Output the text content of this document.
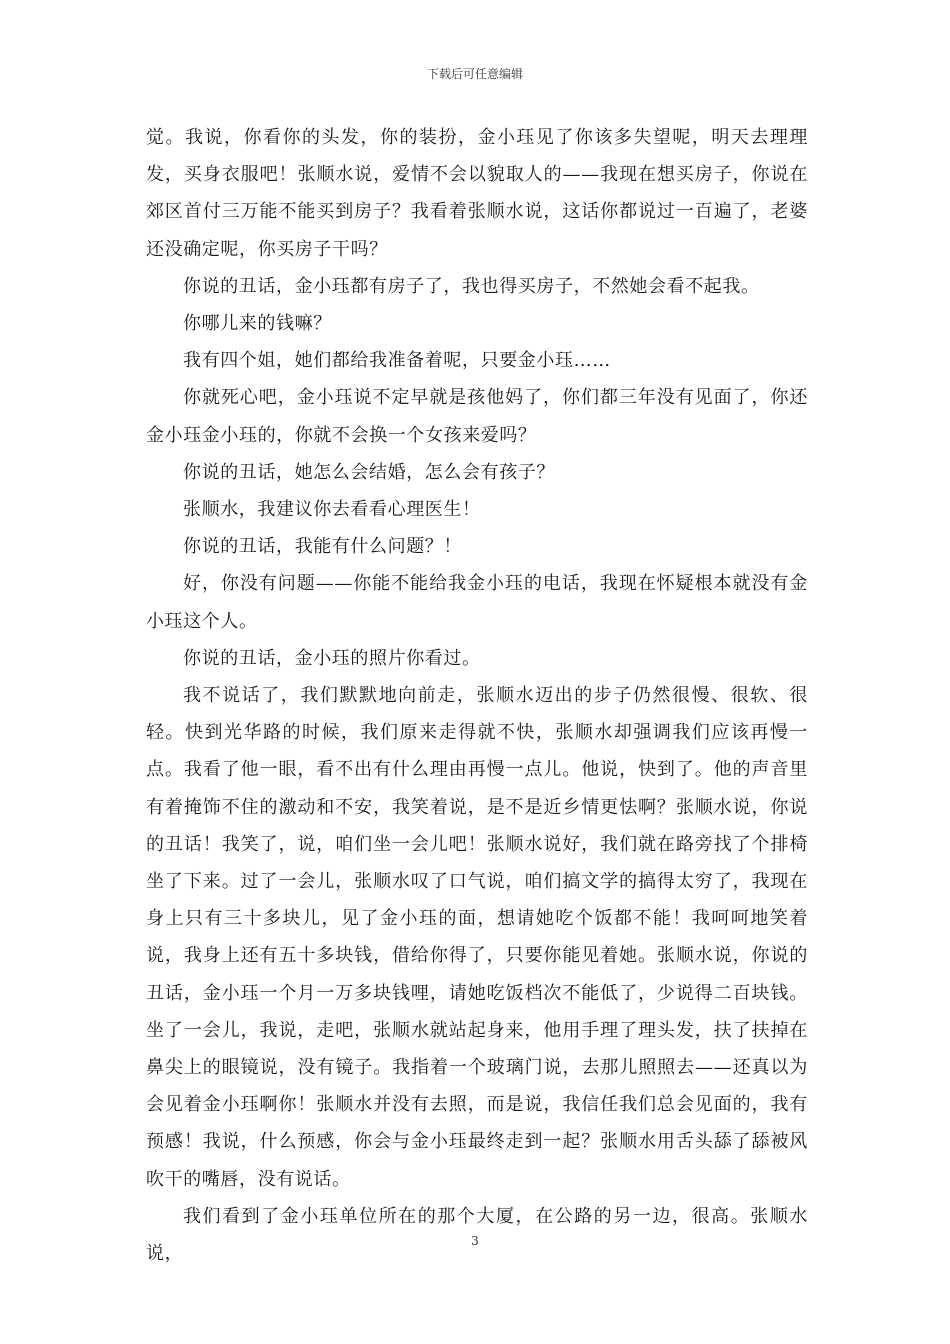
下载后可任意编辑

觉。我说，你看你的头发，你的装扮，金小珏见了你该多失望呢，明天去理理发，买身衣服吧！张顺水说，爱情不会以貌取人的——我现在想买房子，你说在郊区首付三万能不能买到房子？我看着张顺水说，这话你都说过一百遍了，老婆还没确定呢，你买房子干吗？

你说的丑话，金小珏都有房子了，我也得买房子，不然她会看不起我。

你哪儿来的钱嘛？

我有四个姐，她们都给我准备着呢，只要金小珏……

你就死心吧，金小珏说不定早就是孩他妈了，你们都三年没有见面了，你还金小珏金小珏的，你就不会换一个女孩来爱吗？

你说的丑话，她怎么会结婚，怎么会有孩子？

张顺水，我建议你去看看心理医生！

你说的丑话，我能有什么问题？！

好，你没有问题——你能不能给我金小珏的电话，我现在怀疑根本就没有金小珏这个人。

你说的丑话，金小珏的照片你看过。

我不说话了，我们默默地向前走，张顺水迈出的步子仍然很慢、很软、很轻。快到光华路的时候，我们原来走得就不快，张顺水却强调我们应该再慢一点。我看了他一眼，看不出有什么理由再慢一点儿。他说，快到了。他的声音里有着掩饰不住的激动和不安，我笑着说，是不是近乡情更怯啊？张顺水说，你说的丑话！我笑了，说，咱们坐一会儿吧！张顺水说好，我们就在路旁找了个排椅坐了下来。过了一会儿，张顺水叹了口气说，咱们搞文学的搞得太穷了，我现在身上只有三十多块儿，见了金小珏的面，想请她吃个饭都不能！我呵呵地笑着说，我身上还有五十多块钱，借给你得了，只要你能见着她。张顺水说，你说的丑话，金小珏一个月一万多块钱哩，请她吃饭档次不能低了，少说得二百块钱。坐了一会儿，我说，走吧，张顺水就站起身来，他用手理了理头发，扶了扶掉在鼻尖上的眼镜说，没有镜子。我指着一个玻璃门说，去那儿照照去——还真以为会见着金小珏啊你！张顺水并没有去照，而是说，我信任我们总会见面的，我有预感！我说，什么预感，你会与金小珏最终走到一起？张顺水用舌头舔了舔被风吹干的嘴唇，没有说话。

我们看到了金小珏单位所在的那个大厦，在公路的另一边，很高。张顺水说，

3
